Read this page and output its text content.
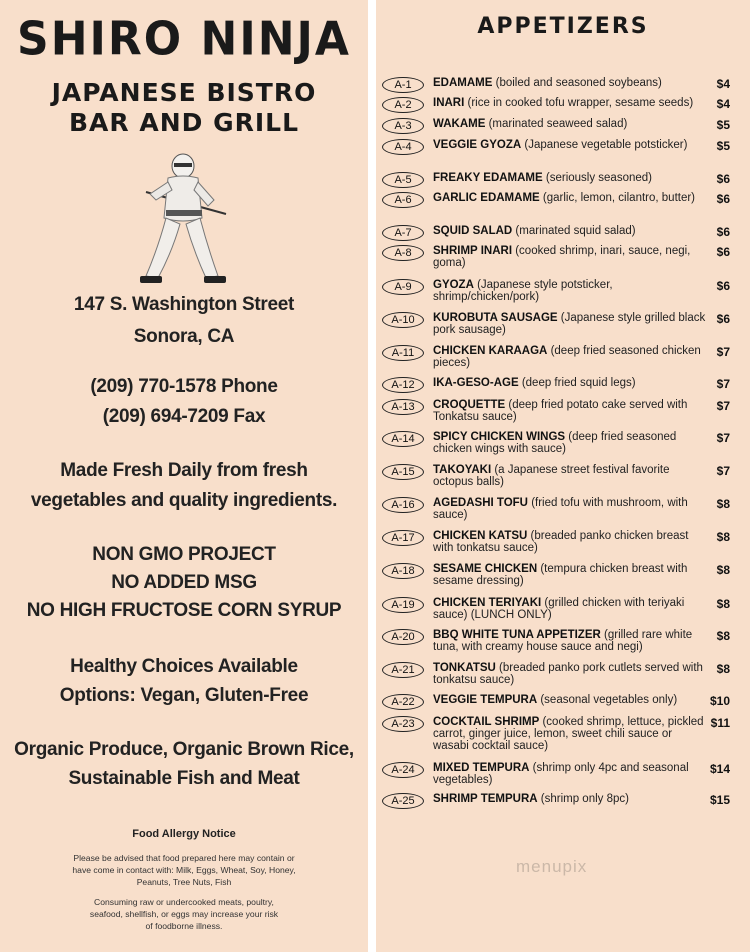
SHIRO NINJA
JAPANESE BISTRO
BAR AND GRILL
147 S. Washington Street
Sonora, CA
(209) 770-1578 Phone
(209) 694-7209 Fax
Made Fresh Daily from fresh
vegetables and quality ingredients.
NON GMO PROJECT
NO ADDED MSG
NO HIGH FRUCTOSE CORN SYRUP
Healthy Choices Available
Options: Vegan, Gluten-Free
Organic Produce, Organic Brown Rice,
Sustainable Fish and Meat
Food Allergy Notice
Please be advised that food prepared here may contain or
have come in contact with: Milk, Eggs, Wheat, Soy, Honey,
Peanuts, Tree Nuts, Fish
Consuming raw or undercooked meats, poultry,
seafood, shellfish, or eggs may increase your risk
of foodborne illness.
APPETIZERS
A-1	EDAMAME (boiled and seasoned soybeans)	$4
A-2	INARI (rice in cooked tofu wrapper, sesame seeds)	$4
A-3	WAKAME (marinated seaweed salad)	$5
A-4	VEGGIE GYOZA (Japanese vegetable potsticker)	$5
A-5	FREAKY EDAMAME (seriously seasoned)	$6
A-6	GARLIC EDAMAME (garlic, lemon, cilantro, butter)	$6
A-7	SQUID SALAD (marinated squid salad)	$6
A-8	SHRIMP INARI (cooked shrimp, inari, sauce, negi, goma)
$6
A-9	GYOZA (Japanese style potsticker, shrimp/chicken/pork)
$6
A-10	KUROBUTA SAUSAGE (Japanese style grilled black pork sausage)
$6
A-11	CHICKEN KARAAGA (deep fried seasoned chicken pieces)
$7
A-12	IKA-GESO-AGE (deep fried squid legs)	$7
A-13	CROQUETTE (deep fried potato cake served with Tonkatsu sauce)
$7
A-14	SPICY CHICKEN WINGS (deep fried seasoned chicken wings with sauce)
$7
A-15	TAKOYAKI (a Japanese street festival favorite octopus balls)
$7
A-16	AGEDASHI TOFU (fried tofu with mushroom, with sauce)
$8
A-17	CHICKEN KATSU (breaded panko chicken breast with tonkatsu sauce)
$8
A-18	SESAME CHICKEN (tempura chicken breast with sesame dressing)
$8
A-19	CHICKEN TERIYAKI (grilled chicken with teriyaki sauce) (LUNCH ONLY)
$8
A-20	BBQ WHITE TUNA APPETIZER (grilled rare white tuna, with creamy house sauce and negi)
$8
A-21	TONKATSU (breaded panko pork cutlets served with tonkatsu sauce)
$8
A-22	VEGGIE TEMPURA (seasonal vegetables only)	$10
A-23	COCKTAIL SHRIMP (cooked shrimp, lettuce, pickled carrot, ginger juice, lemon, sweet chili sauce or wasabi cocktail sauce)
$11
A-24	MIXED TEMPURA (shrimp only 4pc and seasonal vegetables)
$14
A-25	SHRIMP TEMPURA (shrimp only 8pc)	$15
menupix
